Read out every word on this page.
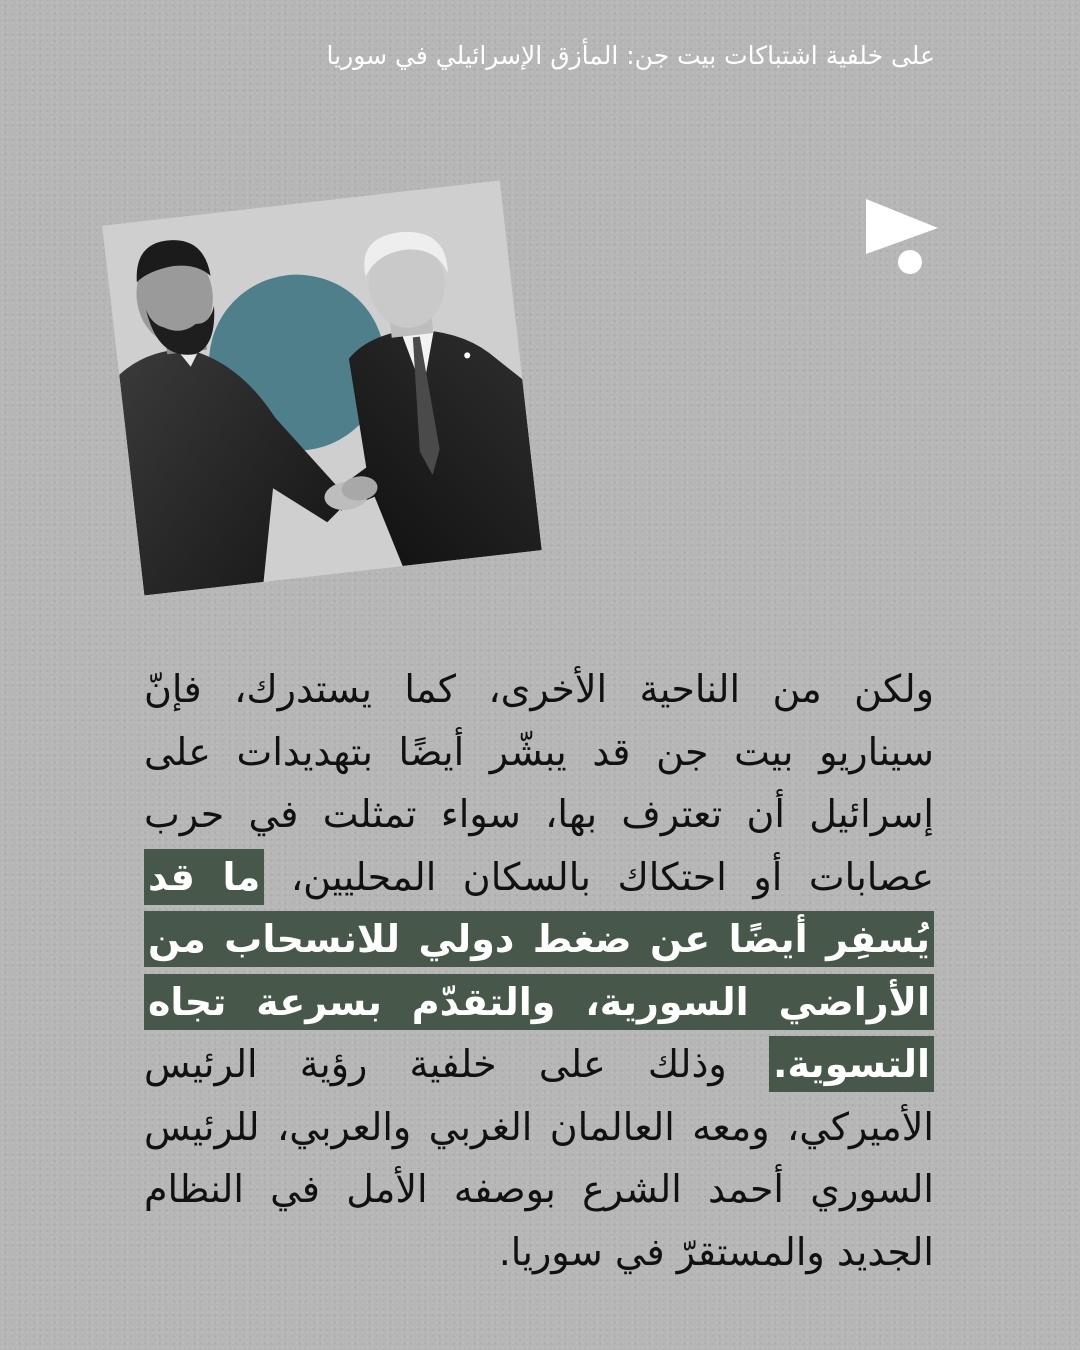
على خلفية اشتباكات بيت جن: المأزق الإسرائيلي في سوريا
ولكن من الناحية الأخرى، كما يستدرك، فإنّ سيناريو بيت جن قد يبشّر أيضًا بتهديدات على إسرائيل أن تعترف بها، سواء تمثلت في حرب عصابات أو احتكاك بالسكان المحليين، ما قد يُسفِر أيضًا عن ضغط دولي للانسحاب من الأراضي السورية، والتقدّم بسرعة تجاه التسوية. وذلك على خلفية رؤية الرئيس الأميركي، ومعه العالمان الغربي والعربي، للرئيس السوري أحمد الشرع بوصفه الأمل في النظام الجديد والمستقرّ في سوريا.
